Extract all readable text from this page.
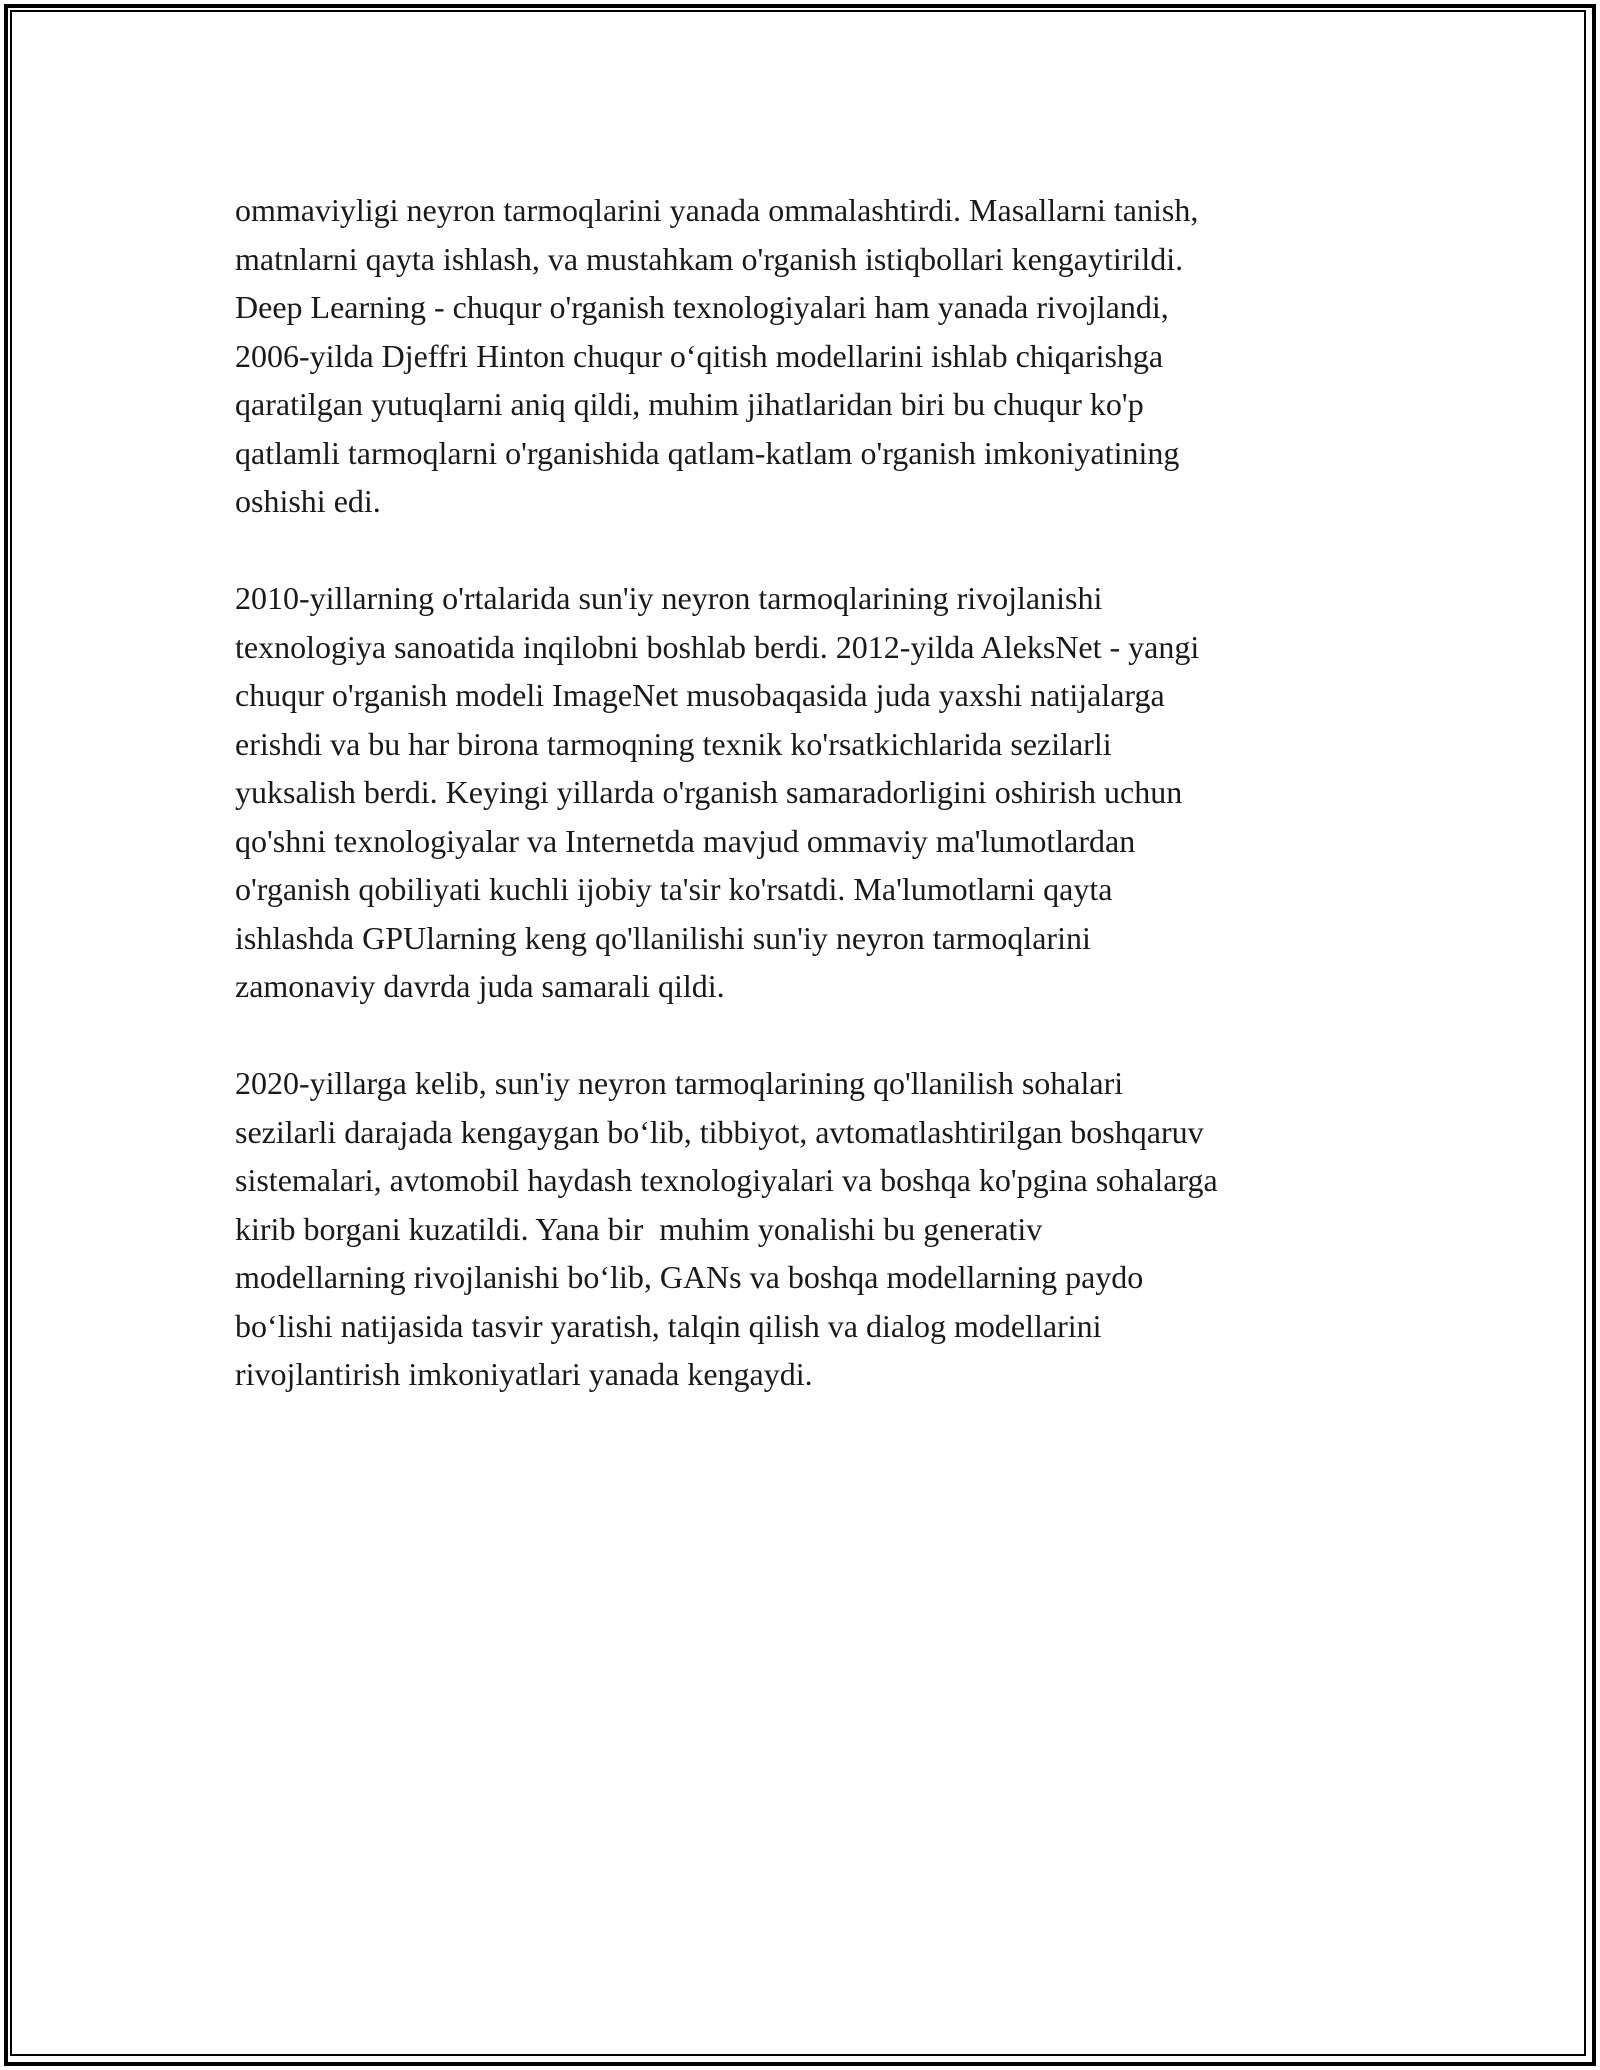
ommaviyligi neyron tarmoqlarini yanada ommalashtirdi. Masallarni tanish,
matnlarni qayta ishlash, va mustahkam o'rganish istiqbollari kengaytirildi.
Deep Learning - chuqur o'rganish texnologiyalari ham yanada rivojlandi,
2006-yilda Djeffri Hinton chuqur o‘qitish modellarini ishlab chiqarishga
qaratilgan yutuqlarni aniq qildi, muhim jihatlaridan biri bu chuqur ko'p
qatlamli tarmoqlarni o'rganishida qatlam-katlam o'rganish imkoniyatining
oshishi edi.
2010-yillarning o'rtalarida sun'iy neyron tarmoqlarining rivojlanishi
texnologiya sanoatida inqilobni boshlab berdi. 2012-yilda AleksNet - yangi
chuqur o'rganish modeli ImageNet musobaqasida juda yaxshi natijalarga
erishdi va bu har birona tarmoqning texnik ko'rsatkichlarida sezilarli
yuksalish berdi. Keyingi yillarda o'rganish samaradorligini oshirish uchun
qo'shni texnologiyalar va Internetda mavjud ommaviy ma'lumotlardan
o'rganish qobiliyati kuchli ijobiy ta'sir ko'rsatdi. Ma'lumotlarni qayta
ishlashda GPUlarning keng qo'llanilishi sun'iy neyron tarmoqlarini
zamonaviy davrda juda samarali qildi.
2020-yillarga kelib, sun'iy neyron tarmoqlarining qo'llanilish sohalari
sezilarli darajada kengaygan bo‘lib, tibbiyot, avtomatlashtirilgan boshqaruv
sistemalari, avtomobil haydash texnologiyalari va boshqa ko'pgina sohalarga
kirib borgani kuzatildi. Yana bir  muhim yonalishi bu generativ
modellarning rivojlanishi bo‘lib, GANs va boshqa modellarning paydo
bo‘lishi natijasida tasvir yaratish, talqin qilish va dialog modellarini
rivojlantirish imkoniyatlari yanada kengaydi.
